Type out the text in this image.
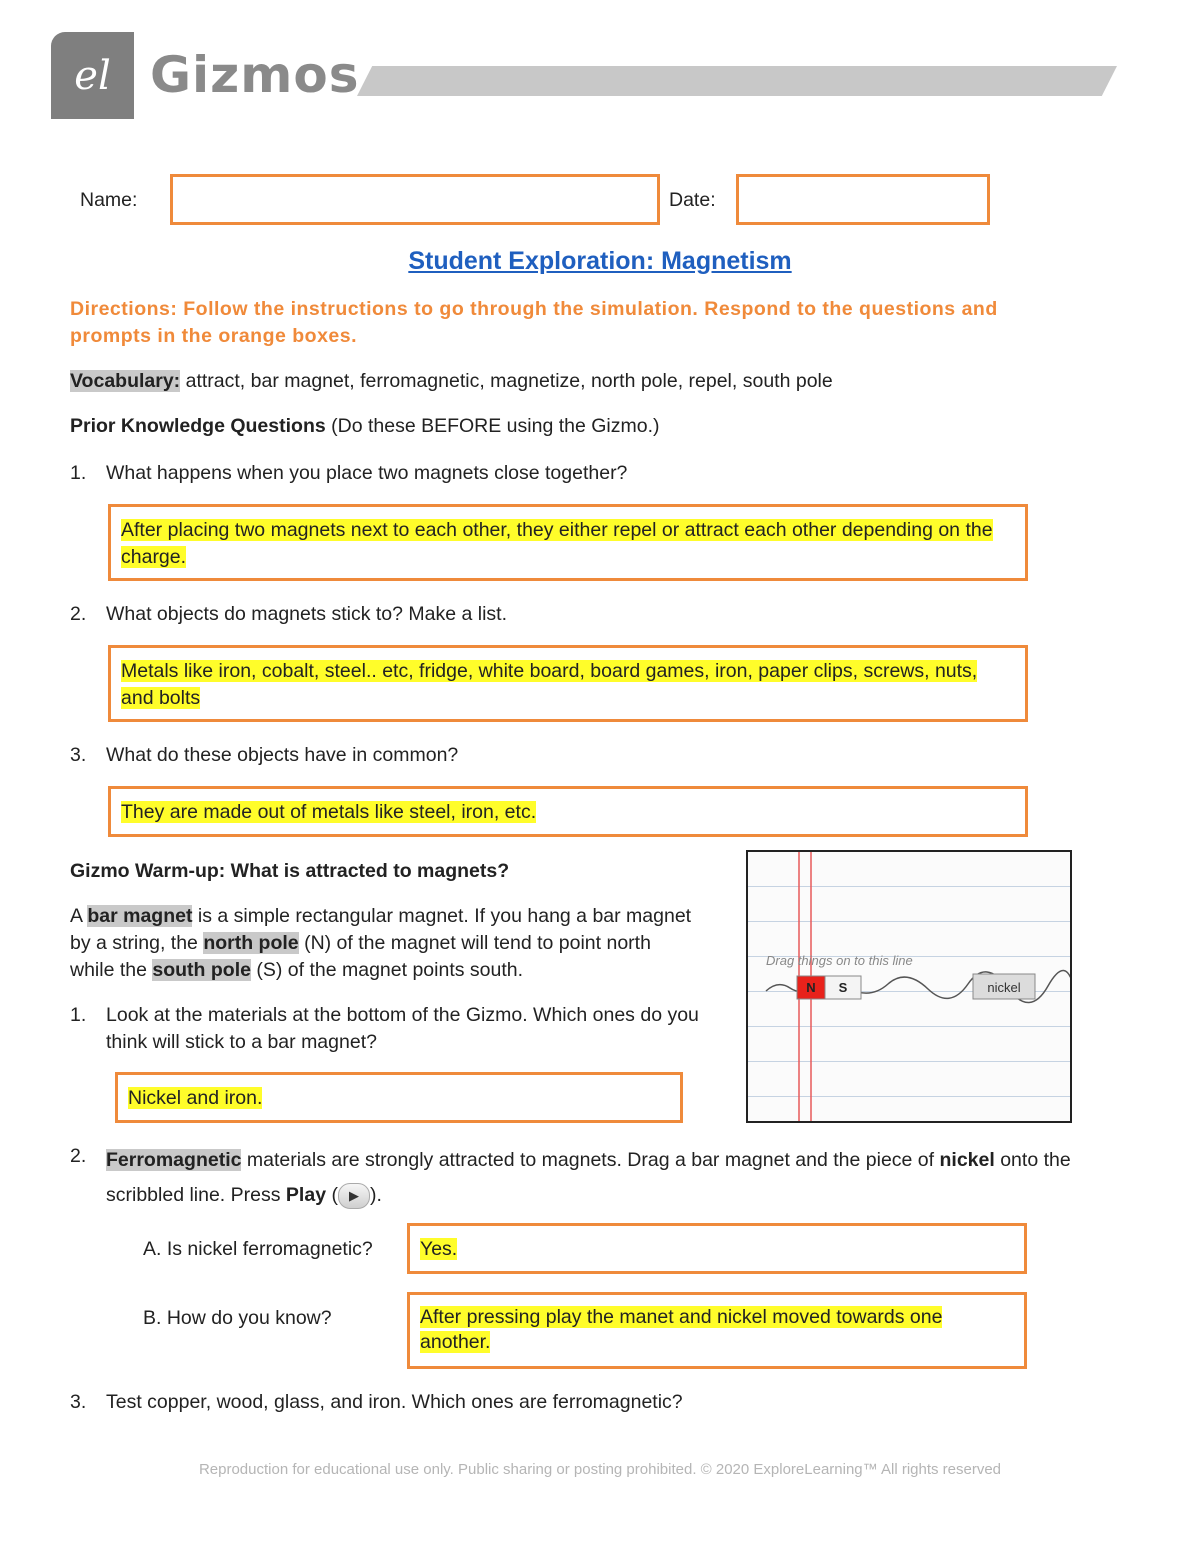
el Gizmos
Name:	Date:
Student Exploration: Magnetism
Directions: Follow the instructions to go through the simulation. Respond to the questions and prompts in the orange boxes.
Vocabulary: attract, bar magnet, ferromagnetic, magnetize, north pole, repel, south pole
Prior Knowledge Questions (Do these BEFORE using the Gizmo.)
1. What happens when you place two magnets close together?
After placing two magnets next to each other, they either repel or attract each other depending on the charge.
2. What objects do magnets stick to? Make a list.
Metals like iron, cobalt, steel.. etc, fridge, white board, board games, iron, paper clips, screws, nuts, and bolts
3. What do these objects have in common?
They are made out of metals like steel, iron, etc.
Gizmo Warm-up: What is attracted to magnets?
A bar magnet is a simple rectangular magnet. If you hang a bar magnet by a string, the north pole (N) of the magnet will tend to point north while the south pole (S) of the magnet points south.
1. Look at the materials at the bottom of the Gizmo. Which ones do you think will stick to a bar magnet?
Nickel and iron.
Drag things on to this line
N	S	nickel
2. Ferromagnetic materials are strongly attracted to magnets. Drag a bar magnet and the piece of nickel onto the scribbled line. Press Play ( ▶ ).
A. Is nickel ferromagnetic?	Yes.
B. How do you know?	After pressing play the manet and nickel moved towards one another.
3. Test copper, wood, glass, and iron. Which ones are ferromagnetic?
Reproduction for educational use only. Public sharing or posting prohibited. © 2020 ExploreLearning™ All rights reserved
